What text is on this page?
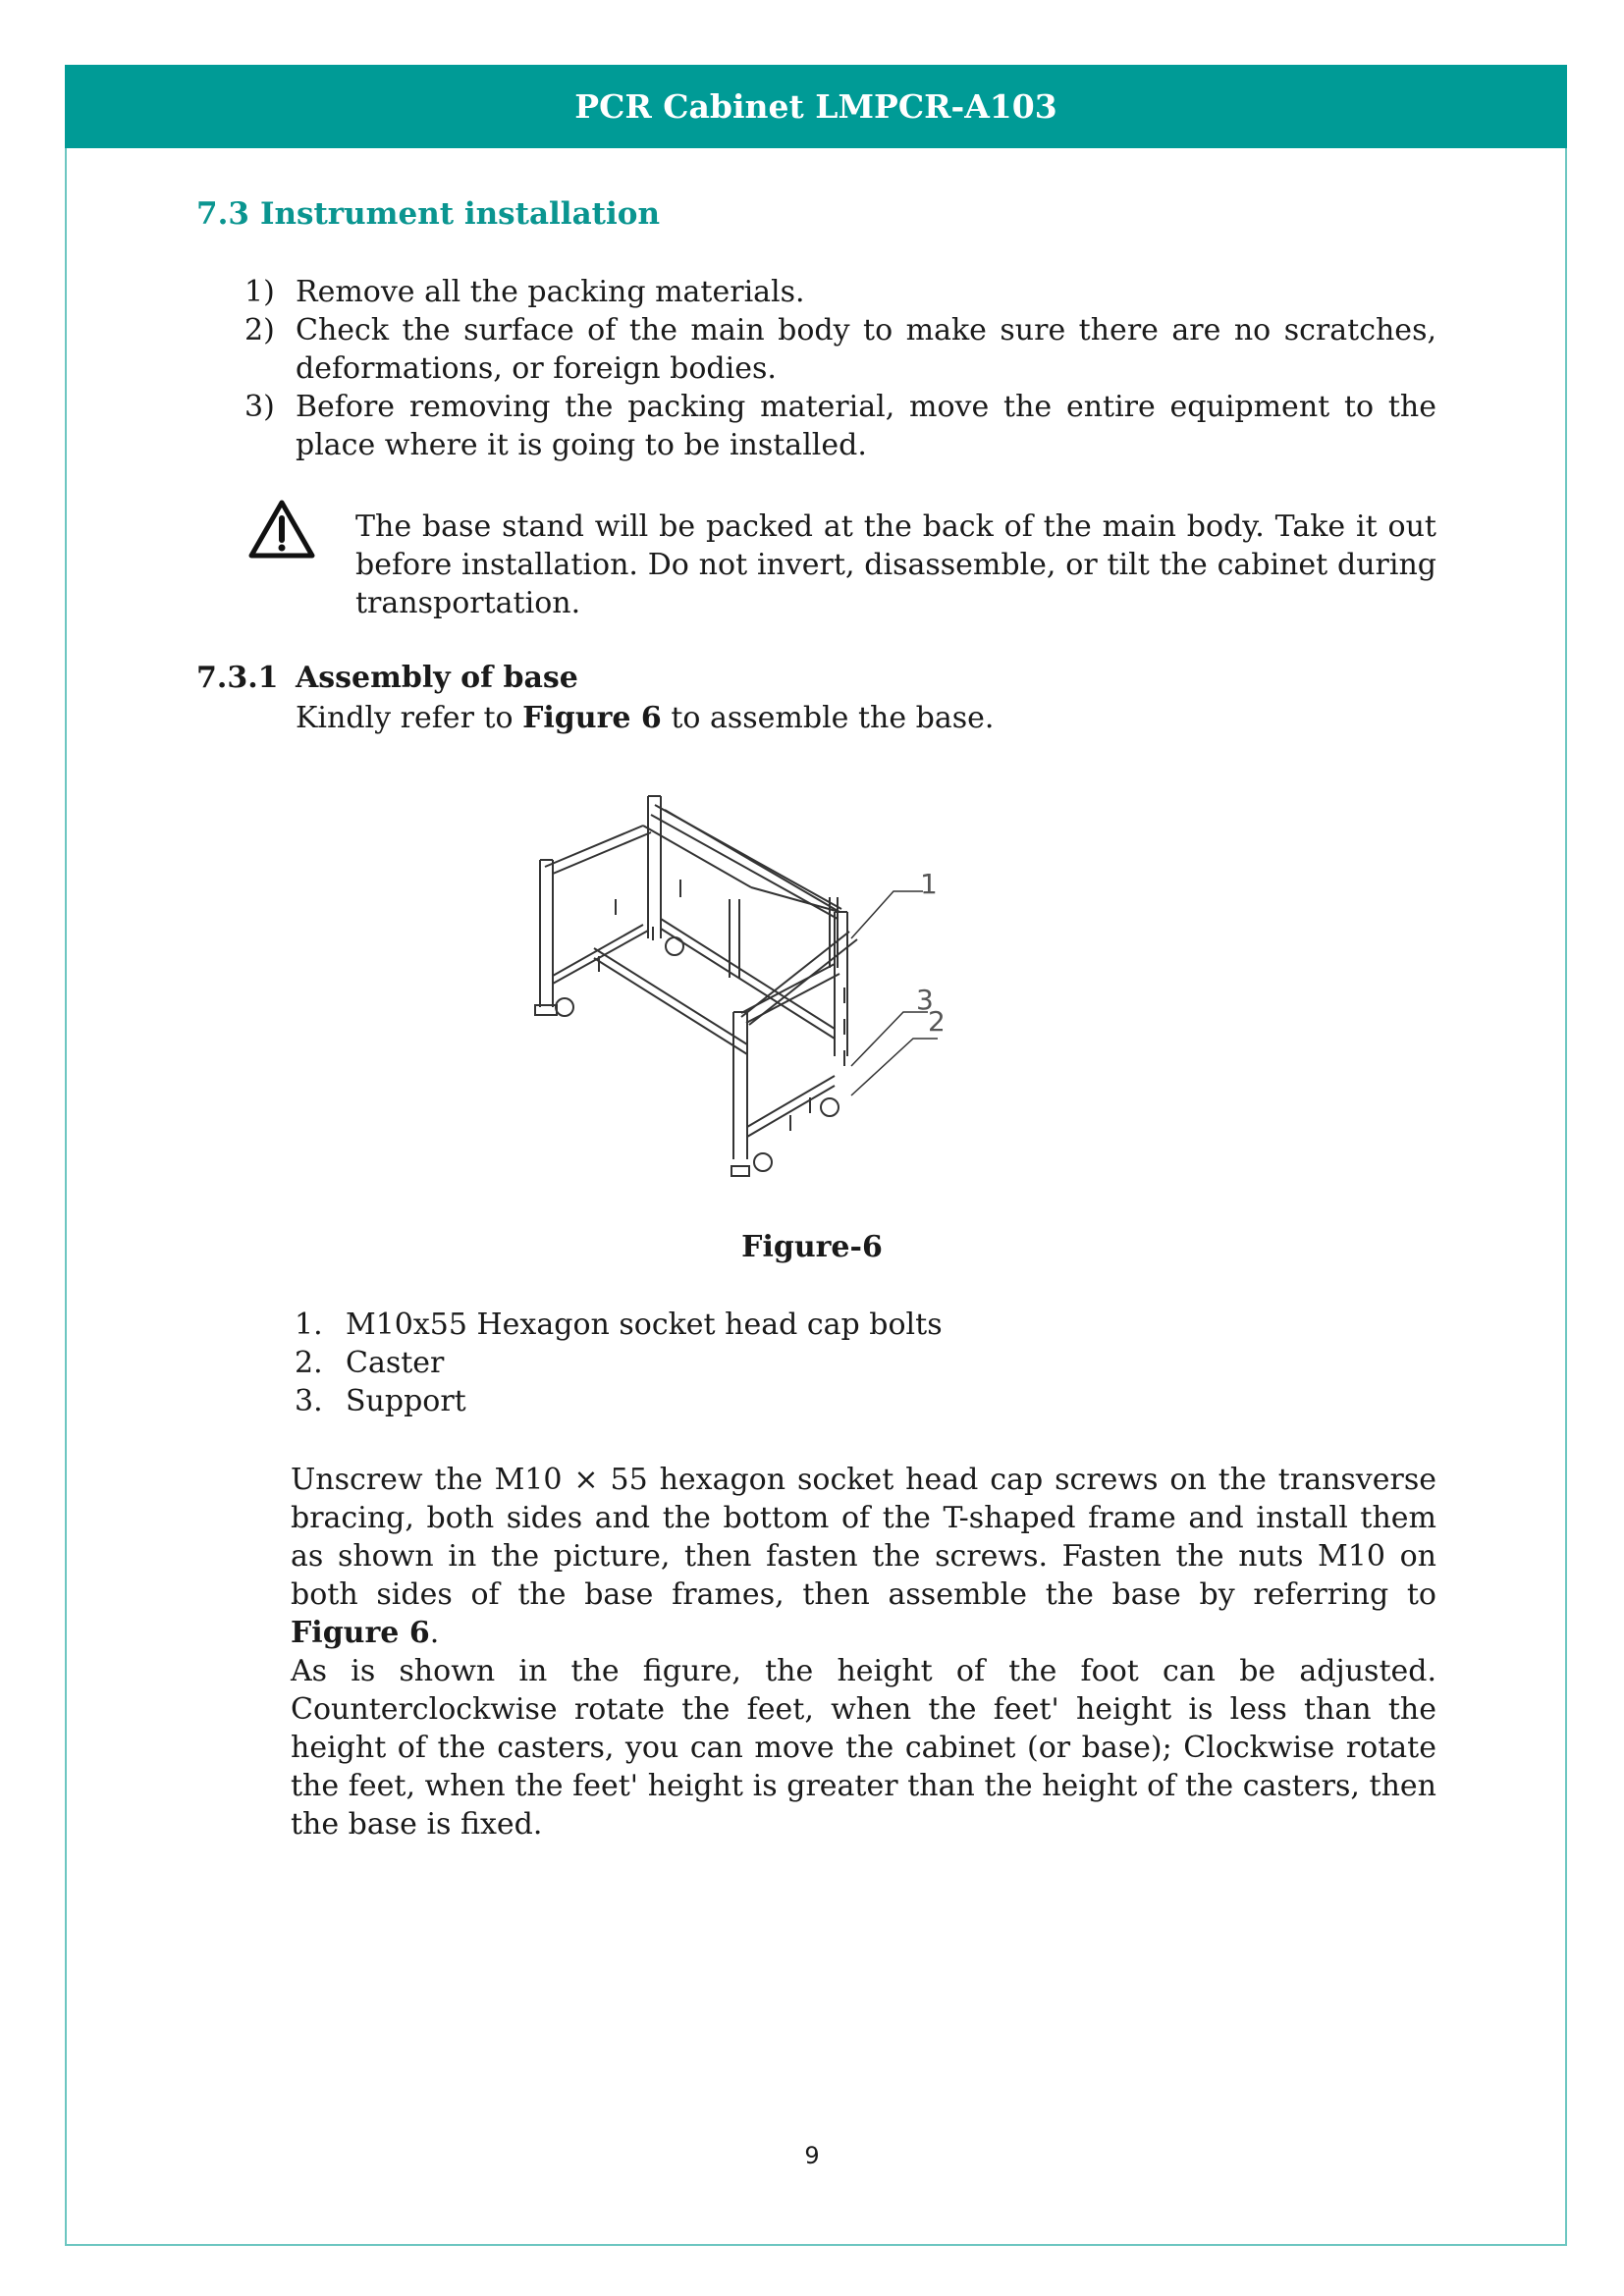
PCR Cabinet LMPCR-A103
7.3 Instrument installation
1) Remove all the packing materials.
2) Check the surface of the main body to make sure there are no scratches, deformations, or foreign bodies.
3) Before removing the packing material, move the entire equipment to the place where it is going to be installed.
The base stand will be packed at the back of the main body. Take it out before installation. Do not invert, disassemble, or tilt the cabinet during transportation.
7.3.1 Assembly of base
Kindly refer to Figure 6 to assemble the base.
1
3
2
Figure-6
1. M10x55 Hexagon socket head cap bolts
2. Caster
3. Support
Unscrew the M10 × 55 hexagon socket head cap screws on the transverse bracing, both sides and the bottom of the T-shaped frame and install them as shown in the picture, then fasten the screws. Fasten the nuts M10 on both sides of the base frames, then assemble the base by referring to Figure 6.
As is shown in the figure, the height of the foot can be adjusted. Counterclockwise rotate the feet, when the feet' height is less than the height of the casters, you can move the cabinet (or base); Clockwise rotate the feet, when the feet' height is greater than the height of the casters, then the base is fixed.
9
